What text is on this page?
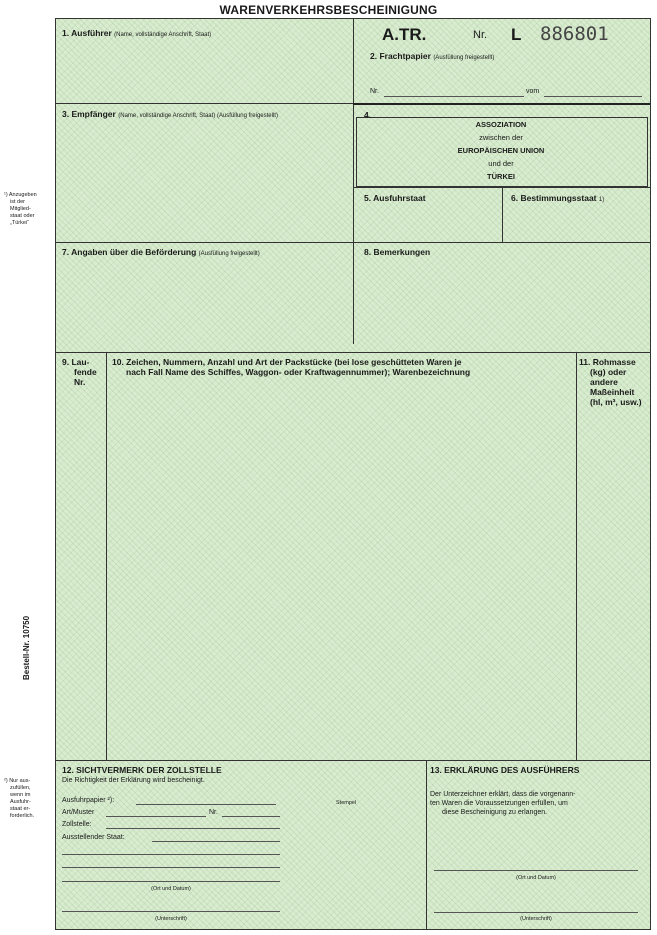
WARENVERKEHRSBESCHEINIGUNG
¹) Anzugeben
ist der
Mitglied-
staat oder
„Türkei“
Bestell-Nr. 10750
²) Nur aus-
zufüllen,
wenn im
Ausfuhr-
staat er-
forderlich.
A.TR.	Nr. L 886801
1. Ausführer (Name, vollständige Anschrift, Staat)
2. Frachtpapier (Ausfüllung freigestellt)
Nr.	vom
3. Empfänger (Name, vollständige Anschrift, Staat) (Ausfüllung freigestellt)	4.
ASSOZIATION
zwischen der
EUROPÄISCHEN UNION
und der
TÜRKEI
5. Ausfuhrstaat	6. Bestimmungsstaat 1)
7. Angaben über die Beförderung (Ausfüllung freigestellt)	8. Bemerkungen
9. Lau-
fende
Nr.
10. Zeichen, Nummern, Anzahl und Art der Packstücke (bei lose geschütteten Waren je
nach Fall Name des Schiffes, Waggon- oder Kraftwagennummer); Warenbezeichnung
11. Rohmasse
(kg) oder
andere
Maßeinheit
(hl, m³, usw.)
12. SICHTVERMERK DER ZOLLSTELLE
Die Richtigkeit der Erklärung wird bescheinigt.
Ausfuhrpapier ²):
Art/Muster	Nr.
Zollstelle:
Ausstellender Staat:
(Ort und Datum)
(Unterschrift)
Stempel
13. ERKLÄRUNG DES AUSFÜHRERS
Der Unterzeichner erklärt, dass die vorgenann-
ten Waren die Voraussetzungen erfüllen, um
diese Bescheinigung zu erlangen.
(Ort und Datum)
(Unterschrift)
